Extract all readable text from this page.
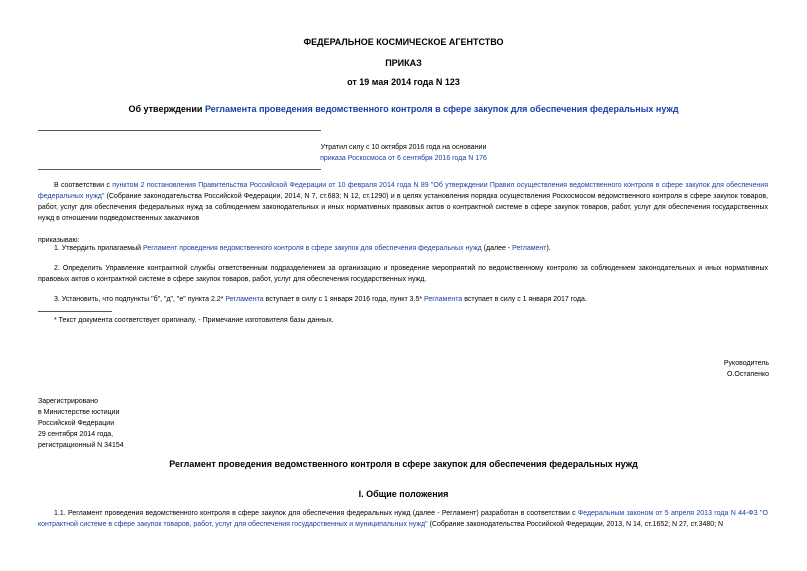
ФЕДЕРАЛЬНОЕ КОСМИЧЕСКОЕ АГЕНТСТВО
ПРИКАЗ
от 19 мая 2014 года N 123
Об утверждении Регламента проведения ведомственного контроля в сфере закупок для обеспечения федеральных нужд
Утратил силу с 10 октября 2016 года на основании
приказа Роскосмоса от 6 сентября 2016 года N 176
В соответствии с пунктом 2 постановления Правительства Российской Федерации от 10 февраля 2014 года N 89 "Об утверждении Правил осуществления ведомственного контроля в сфере закупок для обеспечения федеральных нужд" (Собрание законодательства Российской Федерации, 2014, N 7, ст.683; N 12, ст.1290) и в целях установления порядка осуществления Роскосмосом ведомственного контроля в сфере закупок товаров, работ, услуг для обеспечения федеральных нужд за соблюдением законодательных и иных нормативных правовых актов о контрактной системе в сфере закупок товаров, работ, услуг для обеспечения государственных нужд в отношении подведомственных заказчиков
приказываю:
1. Утвердить прилагаемый Регламент проведения ведомственного контроля в сфере закупок для обеспечения федеральных нужд (далее - Регламент).
2. Определить Управление контрактной службы ответственным подразделением за организацию и проведение мероприятий по ведомственному контролю за соблюдением законодательных и иных нормативных правовых актов о контрактной системе в сфере закупок товаров, работ, услуг для обеспечения государственных нужд.
3. Установить, что подпункты "б", "д", "е" пункта 2.2* Регламента вступает в силу с 1 января 2016 года, пункт 3.5* Регламента вступает в силу с 1 января 2017 года.
* Текст документа соответствует оригиналу. - Примечание изготовителя базы данных.
Руководитель
О.Остапенко
Зарегистрировано
в Министерстве юстиции
Российской Федерации
29 сентября 2014 года,
регистрационный N 34154
Регламент проведения ведомственного контроля в сфере закупок для обеспечения федеральных нужд
I. Общие положения
1.1. Регламент проведения ведомственного контроля в сфере закупок для обеспечения федеральных нужд (далее - Регламент) разработан в соответствии с Федеральным законом от 5 апреля 2013 года N 44-ФЗ "О контрактной системе в сфере закупок товаров, работ, услуг для обеспечения государственных и муниципальных нужд" (Собрание законодательства Российской Федерации, 2013, N 14, ст.1652; N 27, ст.3480; N
